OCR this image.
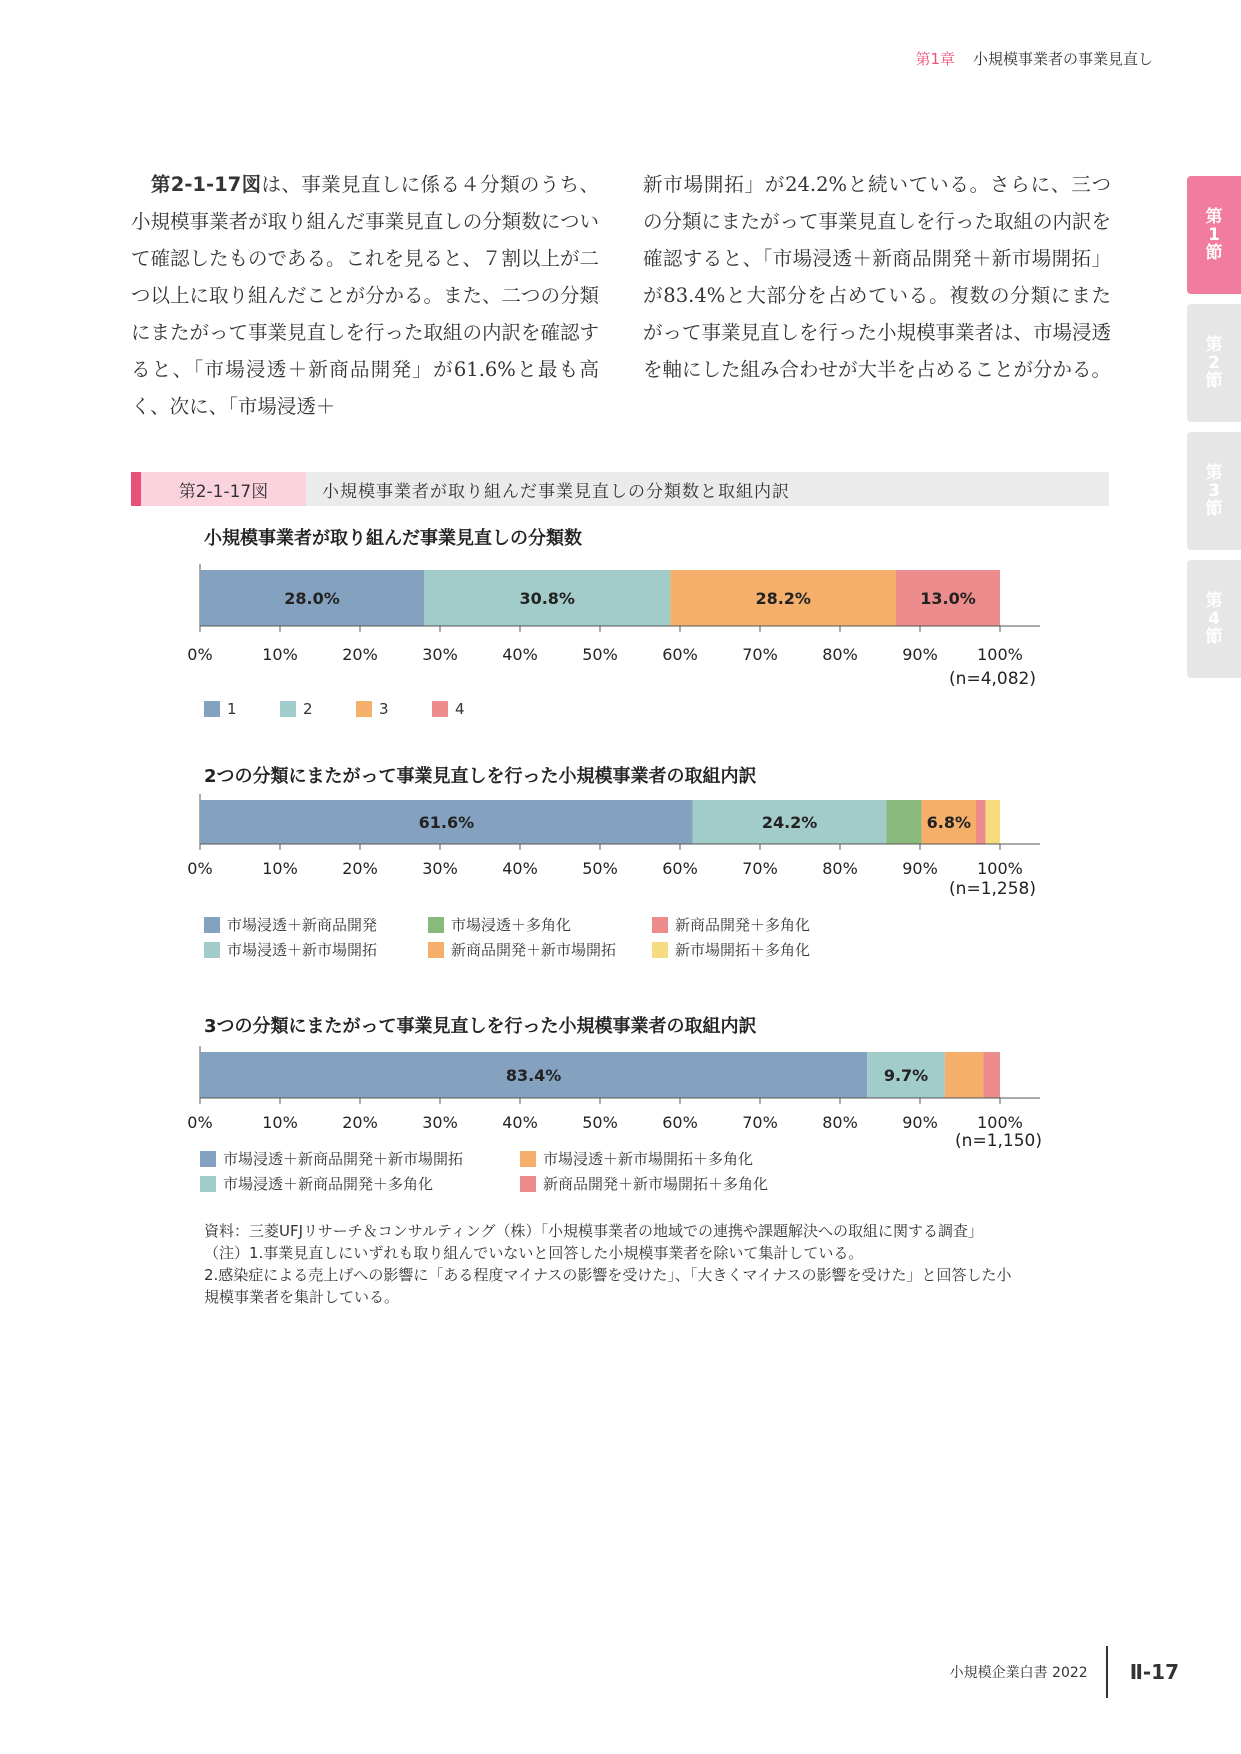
第1章 小規模事業者の事業見直し
第1節
第2節
第3節
第4節

　第2-1-17図は、事業見直しに係る４分類のうち、小規模事業者が取り組んだ事業見直しの分類数について確認したものである。これを見ると、７割以上が二つ以上に取り組んだことが分かる。また、二つの分類にまたがって事業見直しを行った取組の内訳を確認すると、「市場浸透＋新商品開発」が61.6%と最も高く、次に、「市場浸透＋

新市場開拓」が24.2%と続いている。さらに、三つの分類にまたがって事業見直しを行った取組の内訳を確認すると、「市場浸透＋新商品開発＋新市場開拓」が83.4%と大部分を占めている。複数の分類にまたがって事業見直しを行った小規模事業者は、市場浸透を軸にした組み合わせが大半を占めることが分かる。

第2-1-17図	小規模事業者が取り組んだ事業見直しの分類数と取組内訳
小規模事業者が取り組んだ事業見直しの分類数
28.0%	30.8%	28.2%	13.0%
0%	10%	20%	30%	40%	50%	60%	70%	80%	90% 100%
(n=4,082)
1	2	3	4
2つの分類にまたがって事業見直しを行った小規模事業者の取組内訳
61.6%	24.2%	6.8%
0%	10%	20%	30%	40%	50%	60%	70%	80%	90% 100%
(n=1,258)
市場浸透＋新商品開発
市場浸透＋新市場開拓
市場浸透＋多角化
新商品開発＋新市場開拓
新商品開発＋多角化
新市場開拓＋多角化
3つの分類にまたがって事業見直しを行った小規模事業者の取組内訳
83.4%	9.7%
0%	10%	20%	30%	40%	50%	60%	70%	80%	90% 100%
(n=1,150)
市場浸透＋新商品開発＋新市場開拓
市場浸透＋新商品開発＋多角化
市場浸透＋新市場開拓＋多角化
新商品開発＋新市場開拓＋多角化

資料：三菱UFJリサーチ＆コンサルティング（株）「小規模事業者の地域での連携や課題解決への取組に関する調査」

（注）1.事業見直しにいずれも取り組んでいないと回答した小規模事業者を除いて集計している。

2.感染症による売上げへの影響に「ある程度マイナスの影響を受けた」、「大きくマイナスの影響を受けた」と回答した小規模事業者を集計している。

小規模企業白書 2022	Ⅱ-17
